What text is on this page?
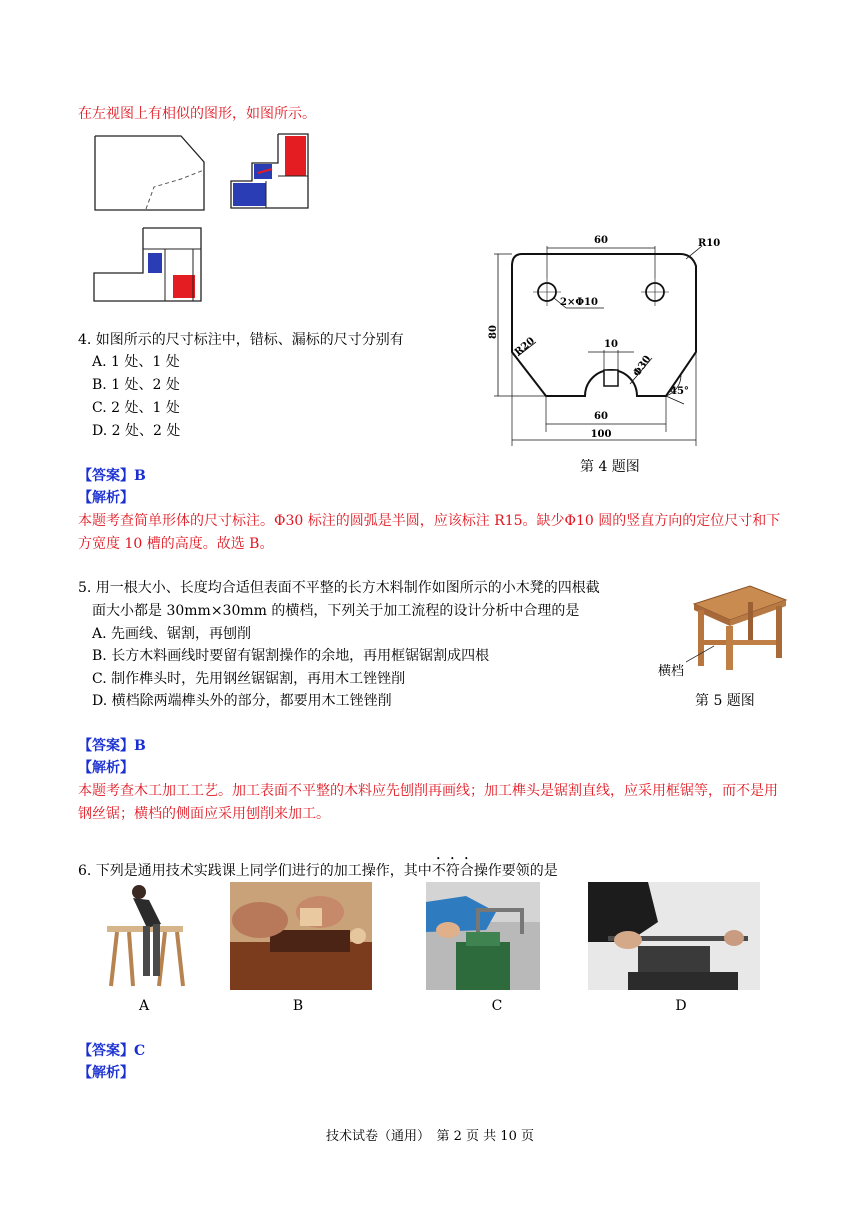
在左视图上有相似的图形，如图所示。
60	R10
2×Φ10
80
R20	10
Φ30
45°
60
100
4. 如图所示的尺寸标注中，错标、漏标的尺寸分别有
A. 1 处、1 处
B. 1 处、2 处
C. 2 处、1 处
D. 2 处、2 处
第 4 题图
【答案】B
【解析】
本题考查简单形体的尺寸标注。Φ30 标注的圆弧是半圆，应该标注 R15。缺少Φ10 圆的竖直方向的定位尺寸和下方宽度 10 槽的高度。故选 B。
5. 用一根大小、长度均合适但表面不平整的长方木料制作如图所示的小木凳的四根截
面大小都是 30mm×30mm 的横档，下列关于加工流程的设计分析中合理的是
A. 先画线、锯割，再刨削
B. 长方木料画线时要留有锯割操作的余地，再用框锯锯割成四根
C. 制作榫头时，先用钢丝锯锯割，再用木工锉锉削
D. 横档除两端榫头外的部分，都要用木工锉锉削
横档
第 5 题图
【答案】B
【解析】
本题考查木工加工工艺。加工表面不平整的木料应先刨削再画线；加工榫头是锯割直线，应采用框锯等，而不是用钢丝锯；横档的侧面应采用刨削来加工。
6. 下列是通用技术实践课上同学们进行的加工操作，其中不符合操作要领的是
A	B	C	D
【答案】C
【解析】
技术试卷（通用）　第 2 页 共 10 页
